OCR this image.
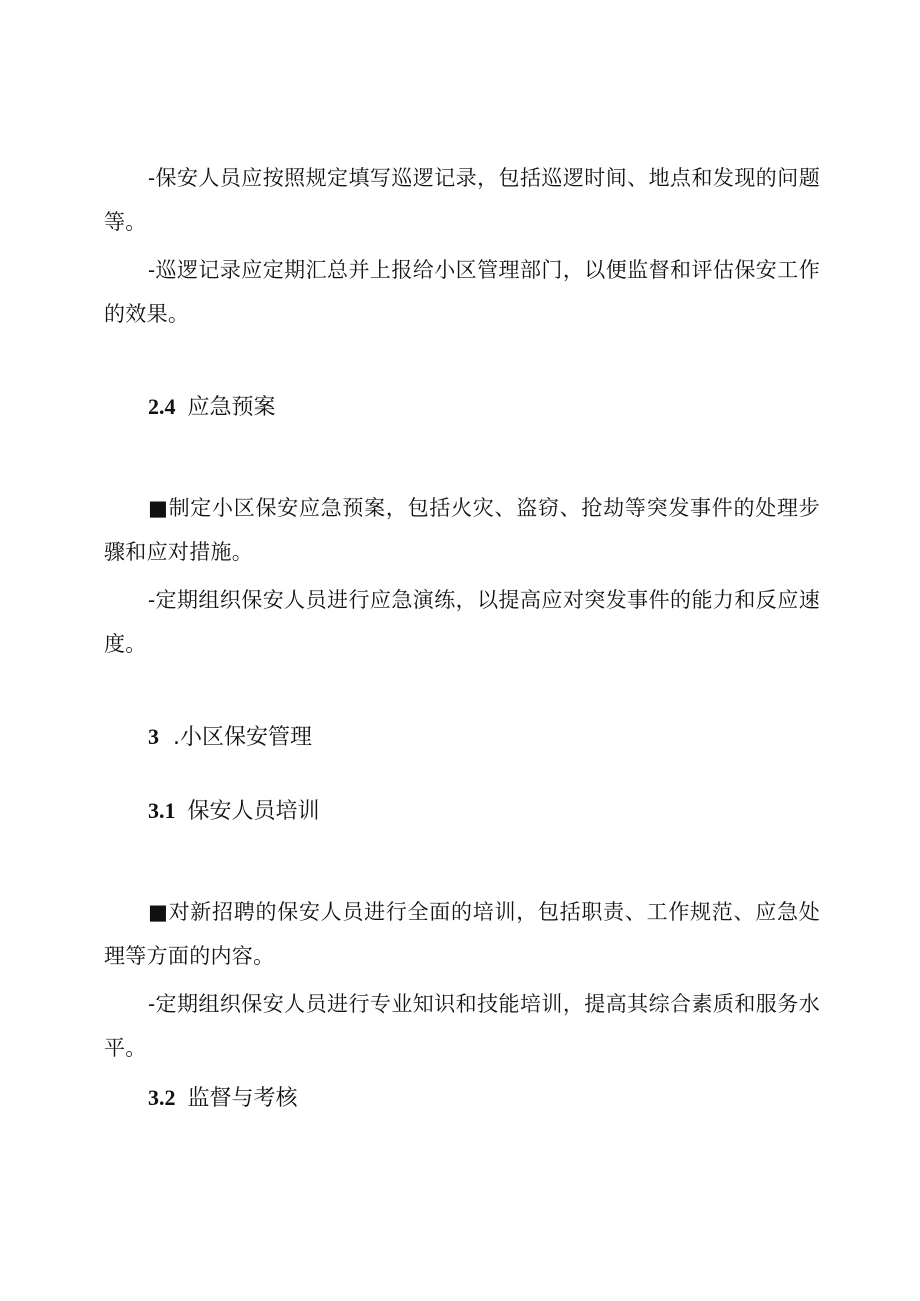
-保安人员应按照规定填写巡逻记录，包括巡逻时间、地点和发现的问题等。

-巡逻记录应定期汇总并上报给小区管理部门，以便监督和评估保安工作的效果。

2.4 应急预案

■制定小区保安应急预案，包括火灾、盗窃、抢劫等突发事件的处理步骤和应对措施。

-定期组织保安人员进行应急演练，以提高应对突发事件的能力和反应速度。

3 .小区保安管理
3.1 保安人员培训

■对新招聘的保安人员进行全面的培训，包括职责、工作规范、应急处理等方面的内容。

-定期组织保安人员进行专业知识和技能培训，提高其综合素质和服务水平。

3.2 监督与考核
